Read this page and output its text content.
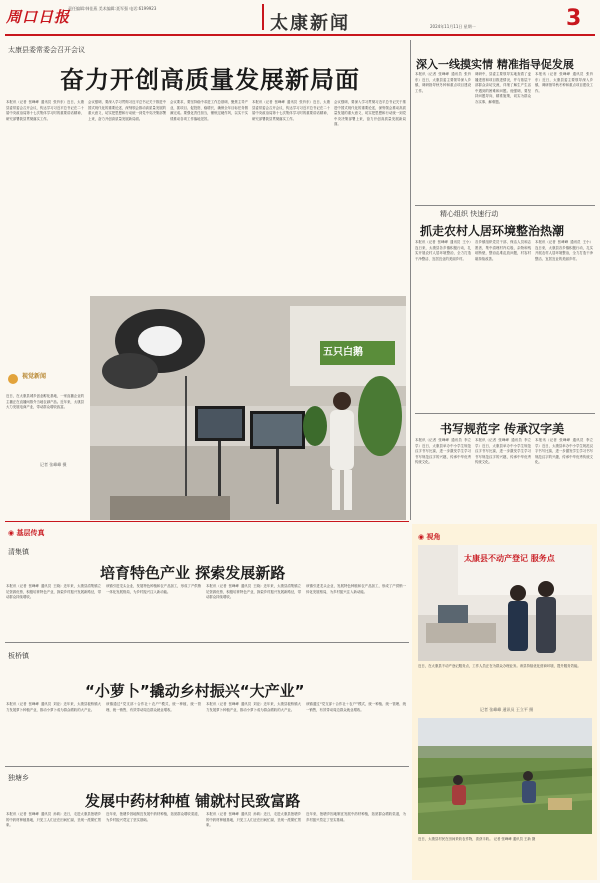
周口日报
责任编辑:韩佳燕 美术编辑:聂军强 电话:6199923
太康新闻	2024年11月11日 星期一	3
太康县委常委会召开会议
奋力开创高质量发展新局面
本报讯（记者 张峰峰 通讯员 张肖东）近日，太康县委常委会召开会议，传达学习习近平总书记在二十届中央政治局第十七次集体学习时的重要讲话精神，研究部署我县贯彻落实工作。
会议强调，要深入学习贯彻习近平总书记关于推进中国式现代化的重要论述，深刻领会推动高质量发展的重大意义，切实把思想和行动统一到党中央决策部署上来，奋力开创高质量发展新局面。
会议要求，要坚持稳中求进工作总基调，聚焦主导产业，抓项目、促投资、稳增长，确保全年目标任务圆满完成。要强化责任担当，锤炼过硬作风，以实干实绩推动各项工作落地见效。
本报讯（记者 张峰峰 通讯员 张肖东）近日，太康县委常委会召开会议，传达学习习近平总书记在二十届中央政治局第十七次集体学习时的重要讲话精神，研究部署我县贯彻落实工作。
会议强调，要深入学习贯彻习近平总书记关于推进中国式现代化的重要论述，深刻领会推动高质量发展的重大意义，切实把思想和行动统一到党中央决策部署上来，奋力开创高质量发展新局面。
五只白鹅
视觉新闻
近日，在太康县城乡创业孵化基地，一家直播企业的主播正在直播间推介当地农副产品。近年来，太康县大力发展电商产业，带动群众增收致富。
记者 张峰峰 摄
深入一线摸实情 精准指导促发展
本报讯（记者 张峰峰 通讯员 张肖东）近日，太康县委主要领导深入乡镇，调研指导秋冬种和重点项目建设工作。
调研中，县委主要领导实地查看了麦播进度和项目推进情况，并与基层干部群众亲切交流，详细了解生产生活中遇到的困难和问题。他强调，要坚持问题导向，精准施策，切实为群众办实事、解难题。
本报讯（记者 张峰峰 通讯员 张肖东）近日，太康县委主要领导深入乡镇，调研指导秋冬种和重点项目建设工作。
精心组织 快速行动
抓走农村人居环境整治热潮
本报讯（记者 张峰峰 通讯员 王小）连日来，太康县各乡镇积极行动，扎实开展农村人居环境整治，全力打造干净整洁、宜居宜业的美丽乡村。
各乡镇组织党员干部、保洁人员和志愿者，集中清理村内垃圾、杂物和残垣断壁，整治乱堆乱放问题，村容村貌持续改善。
本报讯（记者 张峰峰 通讯员 王小）连日来，太康县各乡镇积极行动，扎实开展农村人居环境整治，全力打造干净整洁、宜居宜业的美丽乡村。
书写规范字 传承汉字美
本报讯（记者 张峰峰 通讯员 李立学）近日，太康县举办中小学生规范汉字书写比赛，进一步激发学生学习书写规范汉字的兴趣，传承中华优秀传统文化。
本报讯（记者 张峰峰 通讯员 李立学）近日，太康县举办中小学生规范汉字书写比赛，进一步激发学生学习书写规范汉字的兴趣，传承中华优秀传统文化。
本报讯（记者 张峰峰 通讯员 李立学）近日，太康县举办中小学生规范汉字书写比赛，进一步激发学生学习书写规范汉字的兴趣，传承中华优秀传统文化。
◉ 基层传真
清集镇
培育特色产业 探索发展新路
本报讯（记者 张峰峰 通讯员 王晓）近年来，太康县清集镇立足资源优势，积极培育特色产业，探索乡村振兴发展新路径，带动群众持续增收。
该镇引进龙头企业，发展特色种植和农产品加工，形成了产供销一体化发展格局，为乡村振兴注入新动能。
本报讯（记者 张峰峰 通讯员 王晓）近年来，太康县清集镇立足资源优势，积极培育特色产业，探索乡村振兴发展新路径，带动群众持续增收。
该镇引进龙头企业，发展特色种植和农产品加工，形成了产供销一体化发展格局，为乡村振兴注入新动能。
板桥镇
“小萝卜”撬动乡村振兴“大产业”
本报讯（记者 张峰峰 通讯员 刘亚）近年来，太康县板桥镇大力发展萝卜种植产业，推动小萝卜成为群众增收的大产业。
该镇通过“党支部＋合作社＋农户”模式，统一种植、统一管理、统一销售，有效带动周边群众就业增收。
本报讯（记者 张峰峰 通讯员 刘亚）近年来，太康县板桥镇大力发展萝卜种植产业，推动小萝卜成为群众增收的大产业。
该镇通过“党支部＋合作社＋农户”模式，统一种植、统一管理、统一销售，有效带动周边群众就业增收。
独塘乡
发展中药材种植 铺就村民致富路
本报讯（记者 张峰峰 通讯员 孙莉）近日，走进太康县独塘乡的中药材种植基地，只见工人们正在田间忙碌，呈现一派繁忙景象。
近年来，独塘乡因地制宜发展中药材种植，拓宽群众增收渠道，为乡村振兴奠定了坚实基础。
本报讯（记者 张峰峰 通讯员 孙莉）近日，走进太康县独塘乡的中药材种植基地，只见工人们正在田间忙碌，呈现一派繁忙景象。
近年来，独塘乡因地制宜发展中药材种植，拓宽群众增收渠道，为乡村振兴奠定了坚实基础。
◉ 视角
太康县不动产登记 服务点
近日，在太康县不动产登记服务点，工作人员正在为群众办理业务。该县持续优化营商环境，提升服务效能。
记者 张峰峰 通讯员 王立平 摄
近日，太康县村民在田间采收农作物，喜获丰收。 记者 张峰峰 通讯员 王新 摄
